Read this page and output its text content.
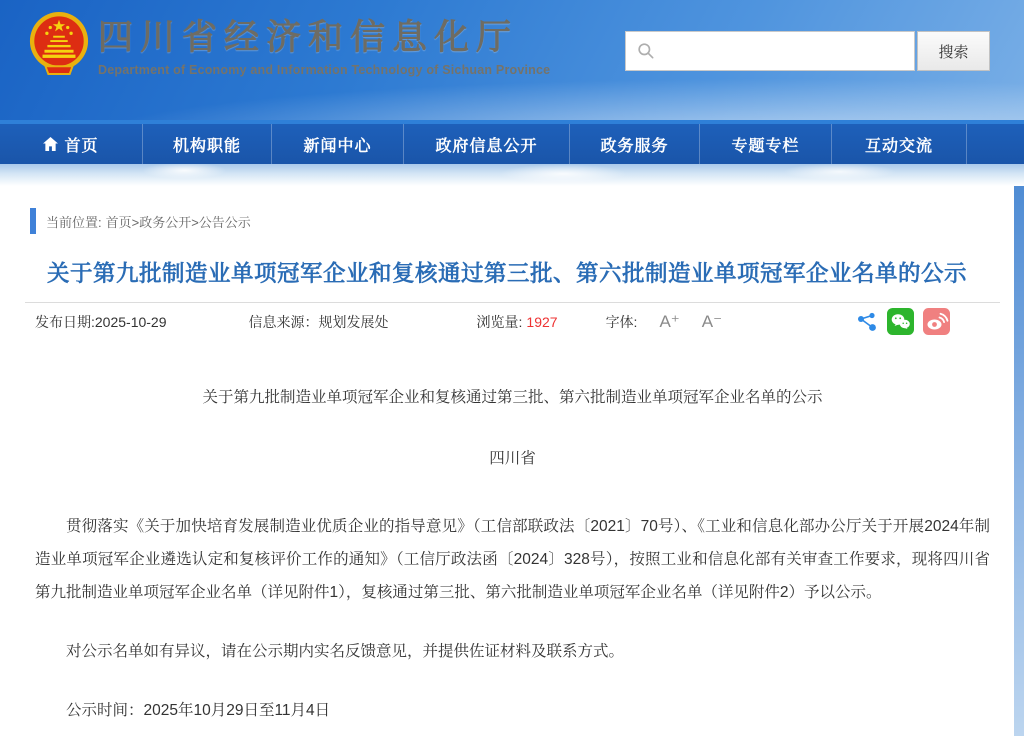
四川省经济和信息化厅
Department of Economy and Information Technology of Sichuan Province
搜索
首页	机构职能	新闻中心	政府信息公开	政务服务	专题专栏	互动交流
当前位置: 首页>政务公开>公告公示
关于第九批制造业单项冠军企业和复核通过第三批、第六批制造业单项冠军企业名单的公示
发布日期:2025-10-29	信息来源：规划发展处	浏览量: 1927	字体: A⁺ A⁻

关于第九批制造业单项冠军企业和复核通过第三批、第六批制造业单项冠军企业名单的公示

四川省

贯彻落实《关于加快培育发展制造业优质企业的指导意见》（工信部联政法〔2021〕70号）、《工业和信息化部办公厅关于开展2024年制造业单项冠军企业遴选认定和复核评价工作的通知》（工信厅政法函〔2024〕328号），按照工业和信息化部有关审查工作要求，现将四川省第九批制造业单项冠军企业名单（详见附件1），复核通过第三批、第六批制造业单项冠军企业名单（详见附件2）予以公示。

对公示名单如有异议，请在公示期内实名反馈意见，并提供佐证材料及联系方式。

公示时间：2025年10月29日至11月4日
